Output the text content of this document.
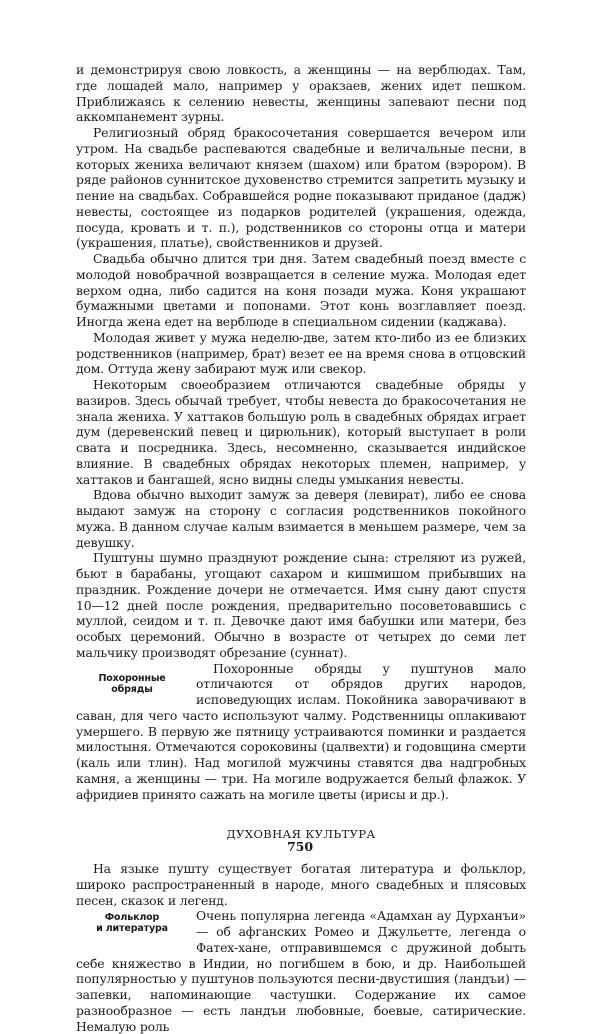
и демонстрируя свою ловкость, а женщины — на верблюдах. Там, где лошадей мало, например у оракзаев, жених идет пешком. Приближаясь к селению невесты, женщины запевают песни под аккомпанемент зурны.

Религиозный обряд бракосочетания совершается вечером или утром. На свадьбе распеваются свадебные и величальные песни, в которых жениха величают князем (шахом) или братом (вэрором). В ряде районов суннитское духовенство стремится запретить музыку и пение на свадьбах. Собравшейся родне показывают приданое (дадж) невесты, состоящее из подарков родителей (украшения, одежда, посуда, кровать и т. п.), родственников со стороны отца и матери (украшения, платье), свойственников и друзей.

Свадьба обычно длится три дня. Затем свадебный поезд вместе с молодой новобрачной возвращается в селение мужа. Молодая едет верхом одна, либо садится на коня позади мужа. Коня украшают бумажными цветами и попонами. Этот конь возглавляет поезд. Иногда жена едет на верблюде в специальном сидении (каджава).

Молодая живет у мужа неделю-две, затем кто-либо из ее близких родственников (например, брат) везет ее на время снова в отцовский дом. Оттуда жену забирают муж или свекор.

Некоторым своеобразием отличаются свадебные обряды у вазиров. Здесь обычай требует, чтобы невеста до бракосочетания не знала жениха. У хаттаков большую роль в свадебных обрядах играет дум (деревенский певец и цирюльник), который выступает в роли свата и посредника. Здесь, несомненно, сказывается индийское влияние. В свадебных обрядах некоторых племен, например, у хаттаков и бангашей, ясно видны следы умыкания невесты.

Вдова обычно выходит замуж за деверя (левират), либо ее снова выдают замуж на сторону с согласия родственников покойного мужа. В данном случае калым взимается в меньшем размере, чем за девушку.

Пуштуны шумно празднуют рождение сына: стреляют из ружей, бьют в барабаны, угощают сахаром и кишмишом прибывших на праздник. Рождение дочери не отмечается. Имя сыну дают спустя 10—12 дней после рождения, предварительно посоветовавшись с муллой, сеидом и т. п. Девочке дают имя бабушки или матери, без особых церемоний. Обычно в возрасте от четырех до семи лет мальчику производят обрезание (суннат).

Похоронные
обряды

Похоронные обряды у пуштунов мало отличаются от обрядов других народов, исповедующих ислам. Покойника заворачивают в саван, для чего часто используют чалму. Родственницы оплакивают умершего. В первую же пятницу устраиваются поминки и раздается милостыня. Отмечаются сороковины (цалвехти) и годовщина смерти (каль или тлин). Над могилой мужчины ставятся два надгробных камня, а женщины — три. На могиле водружается белый флажок. У афридиев принято сажать на могиле цветы (ирисы и др.).

ДУХОВНАЯ КУЛЬТУРА

На языке пушту существует богатая литература и фольклор, широко распространенный в народе, много свадебных и плясовых песен, сказок и легенд.

Фольклор
и литература

Очень популярна легенда «Адамхан ау Дурханъи» — об афганских Ромео и Джульетте, легенда о Фатех-хане, отправившемся с дружиной добыть себе княжество в Индии, но погибшем в бою, и др. Наибольшей популярностью у пуштунов пользуются песни-двустишия (ландъи) — запевки, напоминающие частушки. Содержание их самое разнообразное — есть ландъи любовные, боевые, сатирические. Немалую роль

750
